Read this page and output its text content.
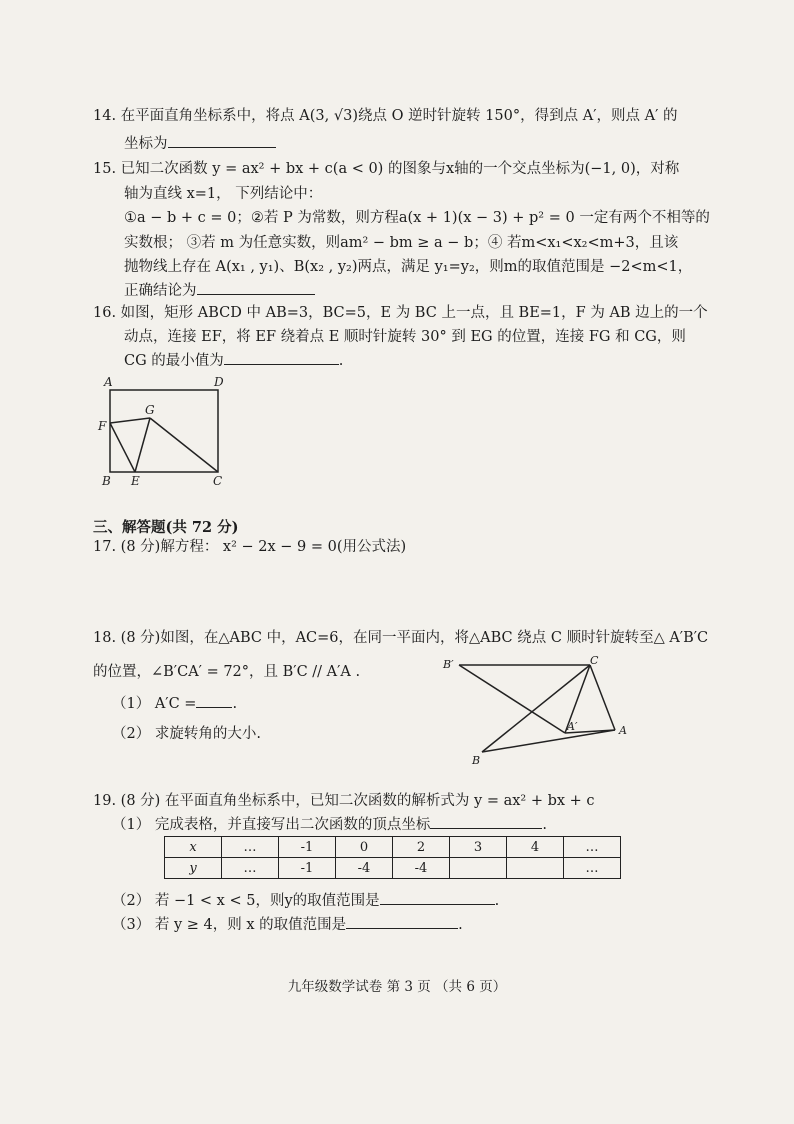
14. 在平面直角坐标系中，将点 A(3, √3)绕点 O 逆时针旋转 150°，得到点 A′，则点 A′ 的
坐标为
15. 已知二次函数 y = ax² + bx + c(a < 0) 的图象与x轴的一个交点坐标为(−1, 0)，对称
轴为直线 x=1， 下列结论中：
①a − b + c = 0；②若 P 为常数，则方程a(x + 1)(x − 3) + p² = 0 一定有两个不相等的
实数根； ③若 m 为任意实数，则am² − bm ≥ a − b；④ 若m<x₁<x₂<m+3，且该
抛物线上存在 A(x₁ , y₁)、B(x₂ , y₂)两点，满足 y₁=y₂，则m的取值范围是 −2<m<1，
正确结论为
16. 如图，矩形 ABCD 中 AB=3，BC=5，E 为 BC 上一点，且 BE=1，F 为 AB 边上的一个
动点，连接 EF，将 EF 绕着点 E 顺时针旋转 30° 到 EG 的位置，连接 FG 和 CG，则
CG 的最小值为	.
A	D
F
G
B E	C
三、解答题(共 72 分)
17. (8 分)解方程： x² − 2x − 9 = 0(用公式法)
18. (8 分)如图，在△ABC 中，AC=6，在同一平面内，将△ABC 绕点 C 顺时针旋转至△ A′B′C
的位置，∠B′CA′ = 72°，且 B′C // A′A .
（1） A′C = .
（2） 求旋转角的大小.
B′	C
A′	A
B
19. (8 分) 在平面直角坐标系中，已知二次函数的解析式为 y = ax² + bx + c
（1） 完成表格，并直接写出二次函数的顶点坐标	.
x	…	-1	0	2	3	4	…
y	…	-1	-4	-4			…
（2） 若 −1 < x < 5，则y的取值范围是	.
（3） 若 y ≥ 4，则 x 的取值范围是	.
九年级数学试卷 第 3 页 （共 6 页）
